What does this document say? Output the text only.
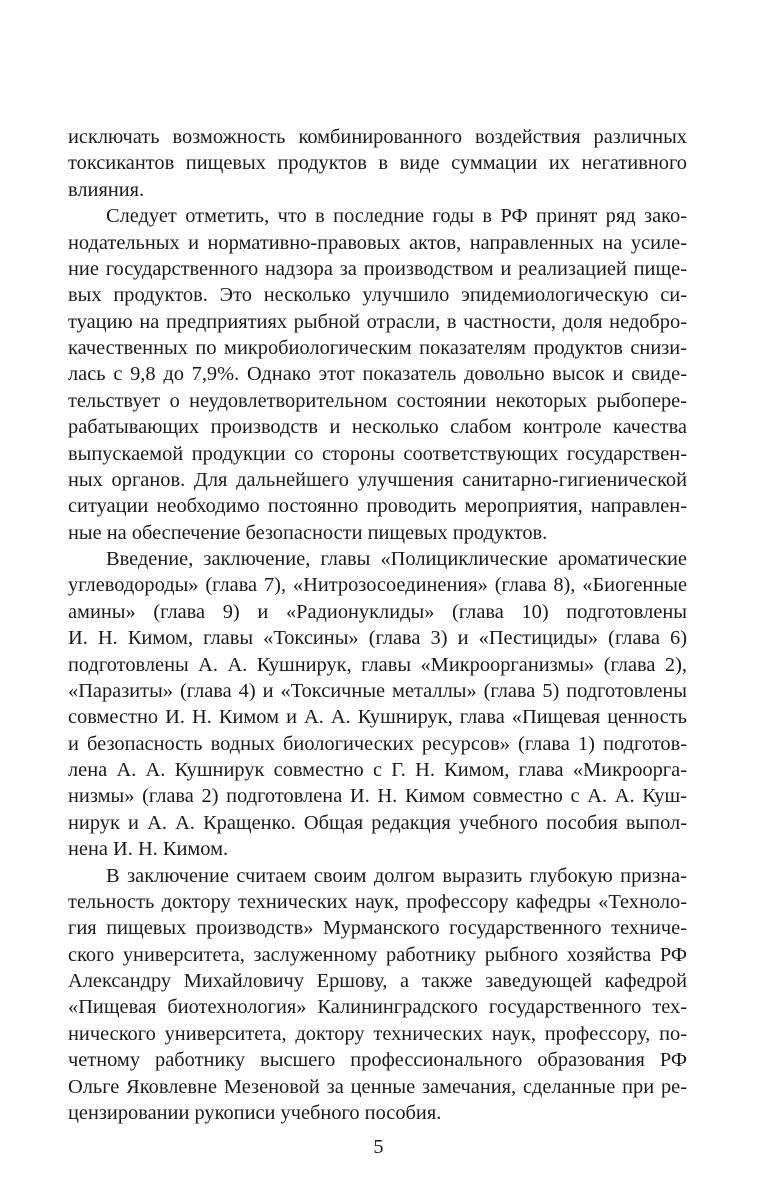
исключать возможность комбинированного воздействия различных
токсикантов пищевых продуктов в виде суммации их негативного
влияния.
Следует отметить, что в последние годы в РФ принят ряд зако-
нодательных и нормативно-правовых актов, направленных на усиле-
ние государственного надзора за производством и реализацией пище-
вых продуктов. Это несколько улучшило эпидемиологическую си-
туацию на предприятиях рыбной отрасли, в частности, доля недобро-
качественных по микробиологическим показателям продуктов снизи-
лась с 9,8 до 7,9%. Однако этот показатель довольно высок и свиде-
тельствует о неудовлетворительном состоянии некоторых рыбопере-
рабатывающих производств и несколько слабом контроле качества
выпускаемой продукции со стороны соответствующих государствен-
ных органов. Для дальнейшего улучшения санитарно-гигиенической
ситуации необходимо постоянно проводить мероприятия, направлен-
ные на обеспечение безопасности пищевых продуктов.
Введение, заключение, главы «Полициклические ароматические
углеводороды» (глава 7), «Нитрозосоединения» (глава 8), «Биогенные
амины» (глава 9) и «Радионуклиды» (глава 10) подготовлены
И. Н. Кимом, главы «Токсины» (глава 3) и «Пестициды» (глава 6)
подготовлены А. А. Кушнирук, главы «Микроорганизмы» (глава 2),
«Паразиты» (глава 4) и «Токсичные металлы» (глава 5) подготовлены
совместно И. Н. Кимом и А. А. Кушнирук, глава «Пищевая ценность
и безопасность водных биологических ресурсов» (глава 1) подготов-
лена А. А. Кушнирук совместно с Г. Н. Кимом, глава «Микроорга-
низмы» (глава 2) подготовлена И. Н. Кимом совместно с А. А. Куш-
нирук и А. А. Кращенко. Общая редакция учебного пособия выпол-
нена И. Н. Кимом.
В заключение считаем своим долгом выразить глубокую призна-
тельность доктору технических наук, профессору кафедры «Техноло-
гия пищевых производств» Мурманского государственного техниче-
ского университета, заслуженному работнику рыбного хозяйства РФ
Александру Михайловичу Ершову, а также заведующей кафедрой
«Пищевая биотехнология» Калининградского государственного тех-
нического университета, доктору технических наук, профессору, по-
четному работнику высшего профессионального образования РФ
Ольге Яковлевне Мезеновой за ценные замечания, сделанные при ре-
цензировании рукописи учебного пособия.
5
